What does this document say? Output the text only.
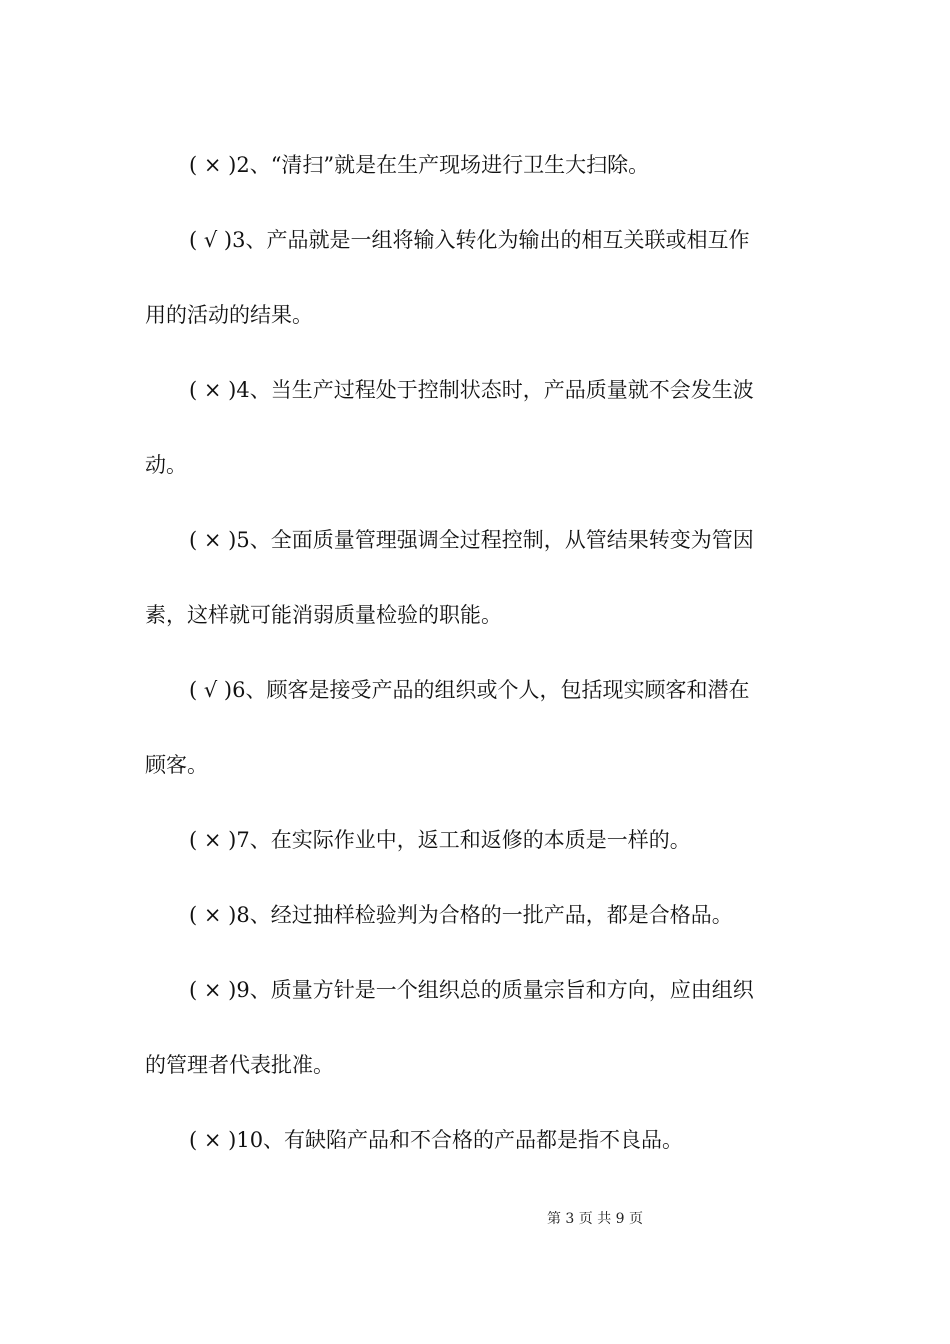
( × )2、“清扫”就是在生产现场进行卫生大扫除。
( √ )3、产品就是一组将输入转化为输出的相互关联或相互作
用的活动的结果。
( × )4、当生产过程处于控制状态时，产品质量就不会发生波
动。
( × )5、全面质量管理强调全过程控制，从管结果转变为管因
素，这样就可能消弱质量检验的职能。
( √ )6、顾客是接受产品的组织或个人，包括现实顾客和潜在
顾客。
( × )7、在实际作业中，返工和返修的本质是一样的。
( × )8、经过抽样检验判为合格的一批产品，都是合格品。
( × )9、质量方针是一个组织总的质量宗旨和方向，应由组织
的管理者代表批准。
( × )10、有缺陷产品和不合格的产品都是指不良品。
第 3 页 共 9 页
